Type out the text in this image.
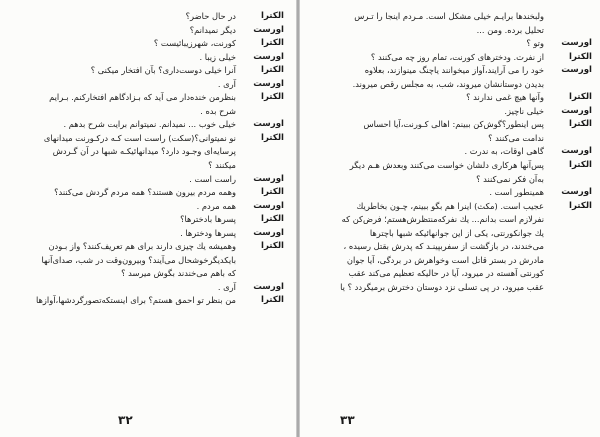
الکترا
در حال حاضر؟
اورست
دیگر نمیدانم؟
الکترا
کورنت، شهرزیبائیست ؟
اورست
خیلی زیبا .
الکترا
آنرا خیلی دوست‌داری؟ بآن افتخار میکنی ؟
اورست
آری .
الکترا
بنظرمن خنده‌دار می آید که بـزادگاهم افتخارکنم. بـرایم
شرح بده .
اورست
خیلی خوب ... نمیدانم. نمیتوانم برایت شرح بدهم .
الکترا
نو نمیتوانی؟(سکت) راست است کـه درکـورنت میدانهای
پرسایه‌ای وجـود دارد؟ میدانهائیکـه شبها در آن گـردش
میکنند ؟
اورست
راست است .
الکترا
وهمه مردم بیرون هستند؟ همه مردم گردش می‌کنند؟
اورست
همه مردم .
الکترا
پسرها بادخترها؟
اورست
پسرها ودخترها .
الکترا
وهمیشه یك چیزی دارند برای هم تعریف‌کنند؟ واز بـودن
بایکدیگرخوشحال می‌آیند؟ وبیرون‌وقت در شب، صدای‌آنها
که باهم می‌خندند بگوش میرسد ؟
اورست
آری .
الکترا
من بنظر تو احمق هستم؟ برای اینستکه‌تصورگردشها،آوازها
۳۲
ولبخندها برایـم خیلی مشکل است. مـردم اینجا را تـرس
تحلیل برده. ومن ...
اورست
وتو ؟
الکترا
از نفرت. ودخترهای کورنت، تمام روز چه می‌کنند ؟
اورست
خود را می آرایند،آواز میخوانند یاچنگ مینوازند، بعلاوه
بدیدن دوستانشان میروند، شب، به مجلس رقص میروند.
الکترا
وآنها هیچ غمی ندارند ؟
اورست
خیلی ناچیز.
الکترا
پس اینطور؟گوش‌کن ببینم: اهالی کـورنت،آیا احساس
ندامت می‌کنند ؟
اورست
گاهی اوقات، به ندرت .
الکترا
پس‌آنها هرکاری دلشان خواست می‌کنند وبعدش هـم دیگر
به‌آن فکر نمی‌کنند ؟
اورست
همینطور است .
الکترا
عجیب است. (مکث) اینرا هم بگو ببینم، چـون بخاطریك
نفرلازم است بدانم... یك نفرکه‌منتظرش‌هستم؛ فرض‌کن که
یك جوانکورنتی، یکی از این جوانهائیکه شبها باچترها
می‌خندند، در بازگشت از سفربپینـد که پدرش بقتل رسیده ،
مادرش در بستر قاتل است وخواهرش در بردگی، آیا جوان
کورنتی آهسته در میرود، آیا در حالیکه تعظیم می‌کند عقب
عقب میرود، در پی تسلی نزد دوستان دخترش برمیگردد ؟ یا
۳۳
